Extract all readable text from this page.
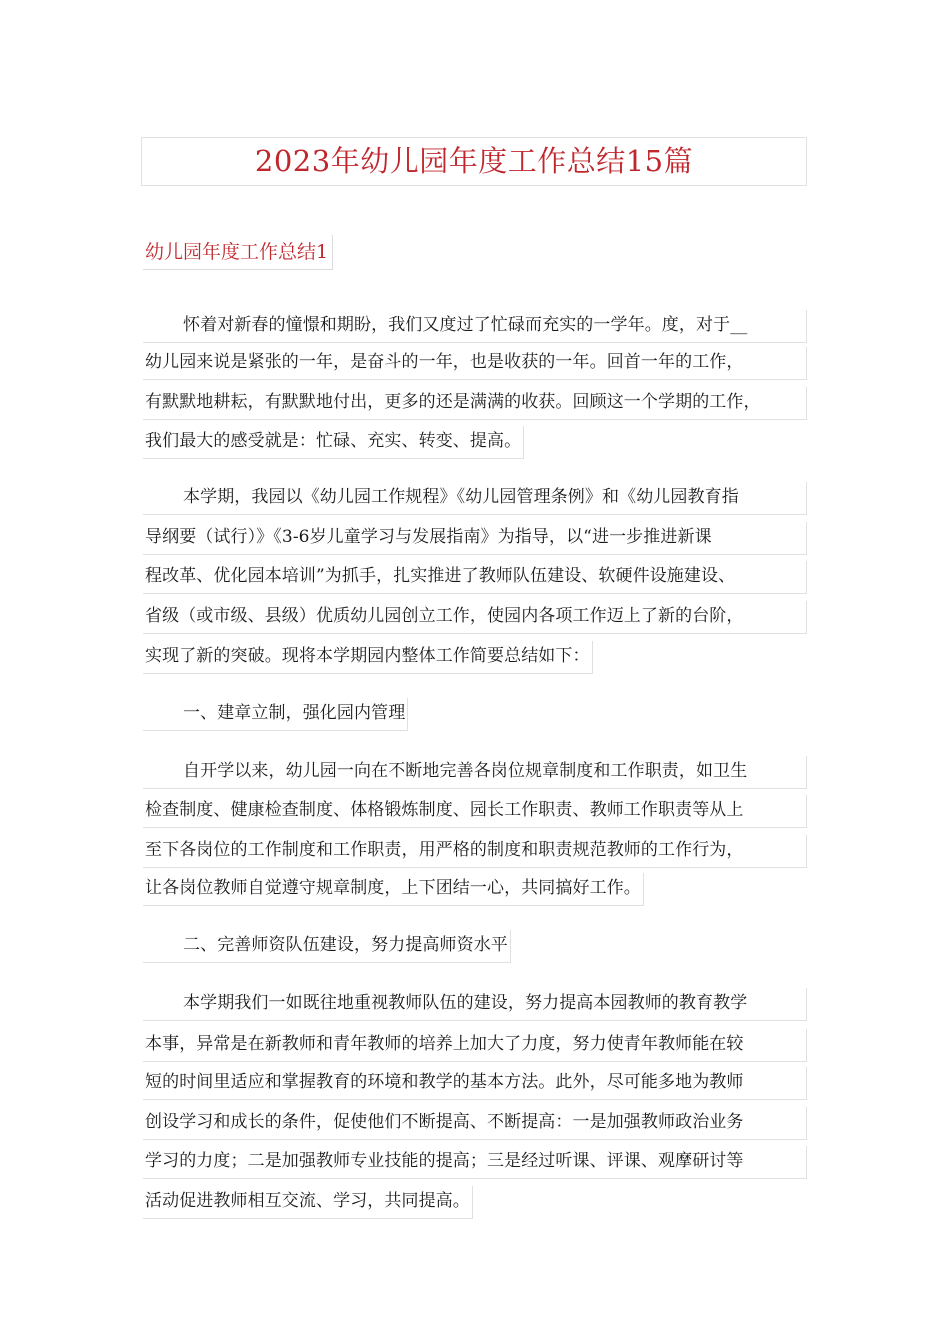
2023年幼儿园年度工作总结15篇
幼儿园年度工作总结1
怀着对新春的憧憬和期盼，我们又度过了忙碌而充实的一学年。度，对于__
幼儿园来说是紧张的一年，是奋斗的一年，也是收获的一年。回首一年的工作，
有默默地耕耘，有默默地付出，更多的还是满满的收获。回顾这一个学期的工作，
我们最大的感受就是：忙碌、充实、转变、提高。
本学期，我园以《幼儿园工作规程》《幼儿园管理条例》和《幼儿园教育指
导纲要（试行）》《3-6岁儿童学习与发展指南》为指导，以“进一步推进新课
程改革、优化园本培训”为抓手，扎实推进了教师队伍建设、软硬件设施建设、
省级（或市级、县级）优质幼儿园创立工作，使园内各项工作迈上了新的台阶，
实现了新的突破。现将本学期园内整体工作简要总结如下：
一、建章立制，强化园内管理
自开学以来，幼儿园一向在不断地完善各岗位规章制度和工作职责，如卫生
检查制度、健康检查制度、体格锻炼制度、园长工作职责、教师工作职责等从上
至下各岗位的工作制度和工作职责，用严格的制度和职责规范教师的工作行为，
让各岗位教师自觉遵守规章制度，上下团结一心，共同搞好工作。
二、完善师资队伍建设，努力提高师资水平
本学期我们一如既往地重视教师队伍的建设，努力提高本园教师的教育教学
本事，异常是在新教师和青年教师的培养上加大了力度，努力使青年教师能在较
短的时间里适应和掌握教育的环境和教学的基本方法。此外，尽可能多地为教师
创设学习和成长的条件，促使他们不断提高、不断提高：一是加强教师政治业务
学习的力度；二是加强教师专业技能的提高；三是经过听课、评课、观摩研讨等
活动促进教师相互交流、学习，共同提高。
